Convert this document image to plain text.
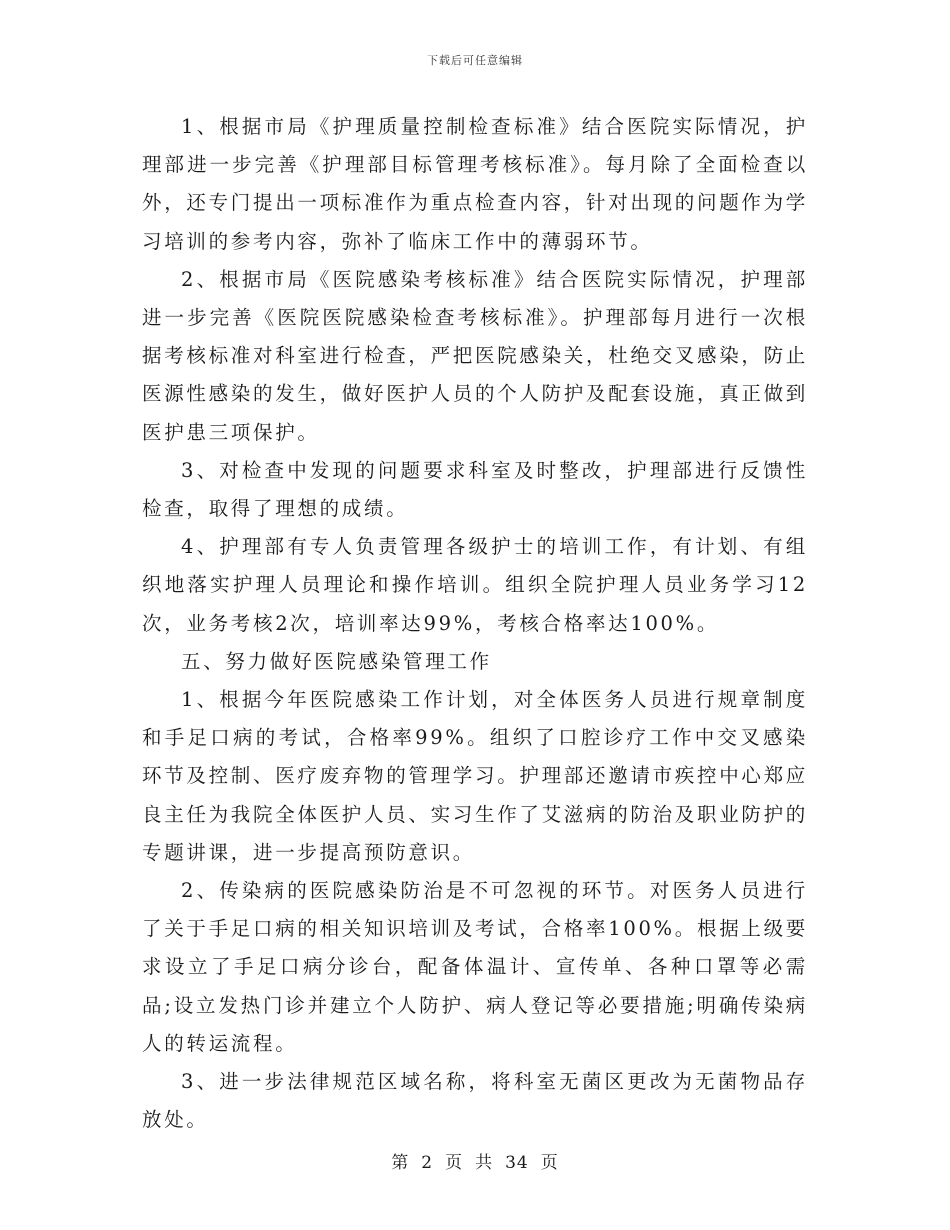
下载后可任意编辑

1、根据市局《护理质量控制检查标准》结合医院实际情况，护理部进一步完善《护理部目标管理考核标准》。每月除了全面检查以外，还专门提出一项标准作为重点检查内容，针对出现的问题作为学习培训的参考内容，弥补了临床工作中的薄弱环节。

2、根据市局《医院感染考核标准》结合医院实际情况，护理部进一步完善《医院医院感染检查考核标准》。护理部每月进行一次根据考核标准对科室进行检查，严把医院感染关，杜绝交叉感染，防止医源性感染的发生，做好医护人员的个人防护及配套设施，真正做到医护患三项保护。

3、对检查中发现的问题要求科室及时整改，护理部进行反馈性检查，取得了理想的成绩。

4、护理部有专人负责管理各级护士的培训工作，有计划、有组织地落实护理人员理论和操作培训。组织全院护理人员业务学习12次，业务考核2次，培训率达99%，考核合格率达100%。

五、努力做好医院感染管理工作

1、根据今年医院感染工作计划，对全体医务人员进行规章制度和手足口病的考试，合格率99%。组织了口腔诊疗工作中交叉感染环节及控制、医疗废弃物的管理学习。护理部还邀请市疾控中心郑应良主任为我院全体医护人员、实习生作了艾滋病的防治及职业防护的专题讲课，进一步提高预防意识。

2、传染病的医院感染防治是不可忽视的环节。对医务人员进行了关于手足口病的相关知识培训及考试，合格率100%。根据上级要求设立了手足口病分诊台，配备体温计、宣传单、各种口罩等必需品;设立发热门诊并建立个人防护、病人登记等必要措施;明确传染病人的转运流程。

3、进一步法律规范区域名称，将科室无菌区更改为无菌物品存放处。

第 2 页 共 34 页
